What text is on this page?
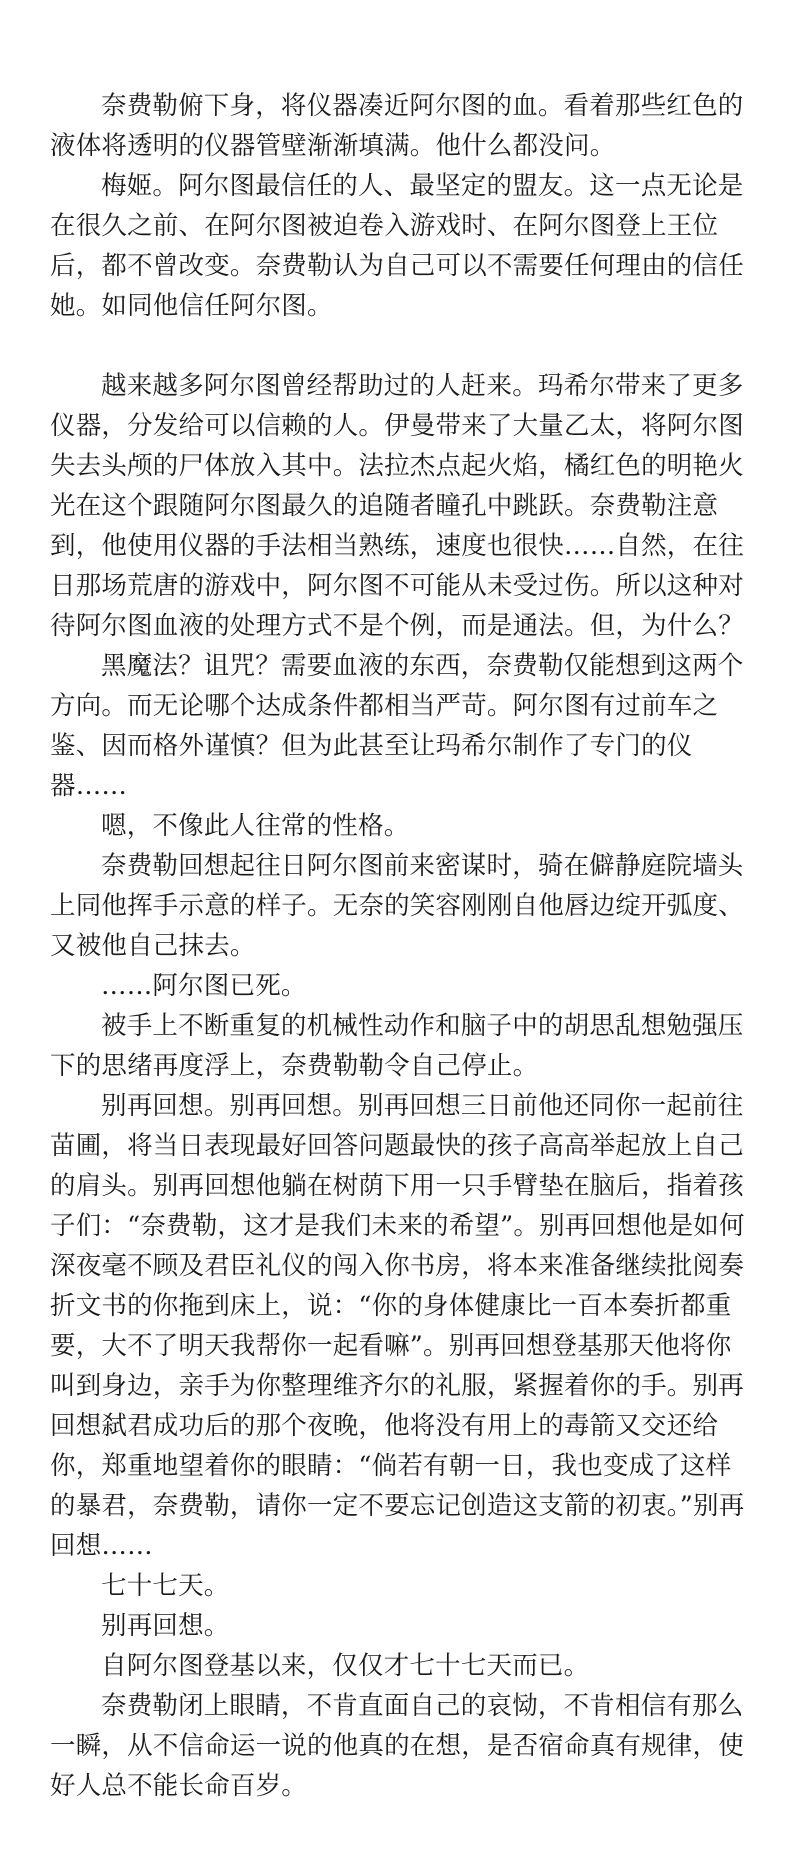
奈费勒俯下身，将仪器凑近阿尔图的血。看着那些红色的液体将透明的仪器管壁渐渐填满。他什么都没问。

梅姬。阿尔图最信任的人、最坚定的盟友。这一点无论是在很久之前、在阿尔图被迫卷入游戏时、在阿尔图登上王位后，都不曾改变。奈费勒认为自己可以不需要任何理由的信任她。如同他信任阿尔图。

越来越多阿尔图曾经帮助过的人赶来。玛希尔带来了更多仪器，分发给可以信赖的人。伊曼带来了大量乙太，将阿尔图失去头颅的尸体放入其中。法拉杰点起火焰，橘红色的明艳火光在这个跟随阿尔图最久的追随者瞳孔中跳跃。奈费勒注意到，他使用仪器的手法相当熟练，速度也很快……自然，在往日那场荒唐的游戏中，阿尔图不可能从未受过伤。所以这种对待阿尔图血液的处理方式不是个例，而是通法。但，为什么？

黑魔法？诅咒？需要血液的东西，奈费勒仅能想到这两个方向。而无论哪个达成条件都相当严苛。阿尔图有过前车之鉴、因而格外谨慎？但为此甚至让玛希尔制作了专门的仪器……

嗯，不像此人往常的性格。

奈费勒回想起往日阿尔图前来密谋时，骑在僻静庭院墙头上同他挥手示意的样子。无奈的笑容刚刚自他唇边绽开弧度、又被他自己抹去。

……阿尔图已死。

被手上不断重复的机械性动作和脑子中的胡思乱想勉强压下的思绪再度浮上，奈费勒勒令自己停止。

别再回想。别再回想。别再回想三日前他还同你一起前往苗圃，将当日表现最好回答问题最快的孩子高高举起放上自己的肩头。别再回想他躺在树荫下用一只手臂垫在脑后，指着孩子们：“奈费勒，这才是我们未来的希望”。别再回想他是如何深夜毫不顾及君臣礼仪的闯入你书房，将本来准备继续批阅奏折文书的你拖到床上，说：“你的身体健康比一百本奏折都重要，大不了明天我帮你一起看嘛”。别再回想登基那天他将你叫到身边，亲手为你整理维齐尔的礼服，紧握着你的手。别再回想弑君成功后的那个夜晚，他将没有用上的毒箭又交还给你，郑重地望着你的眼睛：“倘若有朝一日，我也变成了这样的暴君，奈费勒，请你一定不要忘记创造这支箭的初衷。”别再回想……

七十七天。

别再回想。

自阿尔图登基以来，仅仅才七十七天而已。

奈费勒闭上眼睛，不肯直面自己的哀恸，不肯相信有那么一瞬，从不信命运一说的他真的在想，是否宿命真有规律，使好人总不能长命百岁。
